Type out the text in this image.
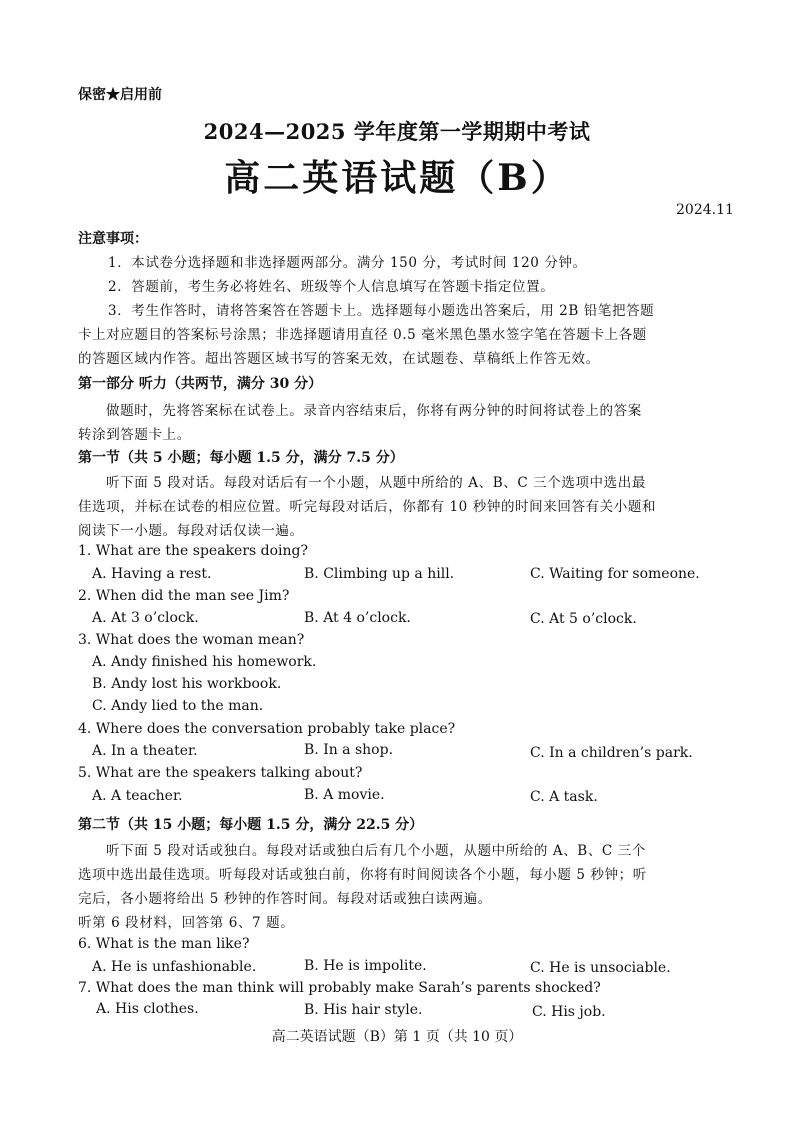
保密★启用前
2024—2025 学年度第一学期期中考试
高二英语试题（B）
2024.11
注意事项：
1．本试卷分选择题和非选择题两部分。满分 150 分，考试时间 120 分钟。
2．答题前，考生务必将姓名、班级等个人信息填写在答题卡指定位置。
3．考生作答时，请将答案答在答题卡上。选择题每小题选出答案后，用 2B 铅笔把答题
卡上对应题目的答案标号涂黑；非选择题请用直径 0.5 毫米黑色墨水签字笔在答题卡上各题
的答题区域内作答。超出答题区域书写的答案无效，在试题卷、草稿纸上作答无效。
第一部分 听力（共两节，满分 30 分）
做题时，先将答案标在试卷上。录音内容结束后，你将有两分钟的时间将试卷上的答案
转涂到答题卡上。
第一节（共 5 小题；每小题 1.5 分，满分 7.5 分）
听下面 5 段对话。每段对话后有一个小题，从题中所给的 A、B、C 三个选项中选出最
佳选项，并标在试卷的相应位置。听完每段对话后，你都有 10 秒钟的时间来回答有关小题和
阅读下一小题。每段对话仅读一遍。
1. What are the speakers doing?
A. Having a rest.	B. Climbing up a hill.	C. Waiting for someone.
2. When did the man see Jim?
A. At 3 o’clock.	B. At 4 o’clock.	C. At 5 o’clock.
3. What does the woman mean?
A. Andy finished his homework.
B. Andy lost his workbook.
C. Andy lied to the man.
4. Where does the conversation probably take place?
A. In a theater.	B. In a shop.	C. In a children’s park.
5. What are the speakers talking about?
A. A teacher.	B. A movie.	C. A task.
第二节（共 15 小题；每小题 1.5 分，满分 22.5 分）
听下面 5 段对话或独白。每段对话或独白后有几个小题，从题中所给的 A、B、C 三个
选项中选出最佳选项。听每段对话或独白前，你将有时间阅读各个小题，每小题 5 秒钟；听
完后，各小题将给出 5 秒钟的作答时间。每段对话或独白读两遍。
听第 6 段材料，回答第 6、7 题。
6. What is the man like?
A. He is unfashionable.	B. He is impolite.	C. He is unsociable.
7. What does the man think will probably make Sarah’s parents shocked?
A. His clothes.	B. His hair style.	C. His job.
高二英语试题（B）第 1 页（共 10 页）
